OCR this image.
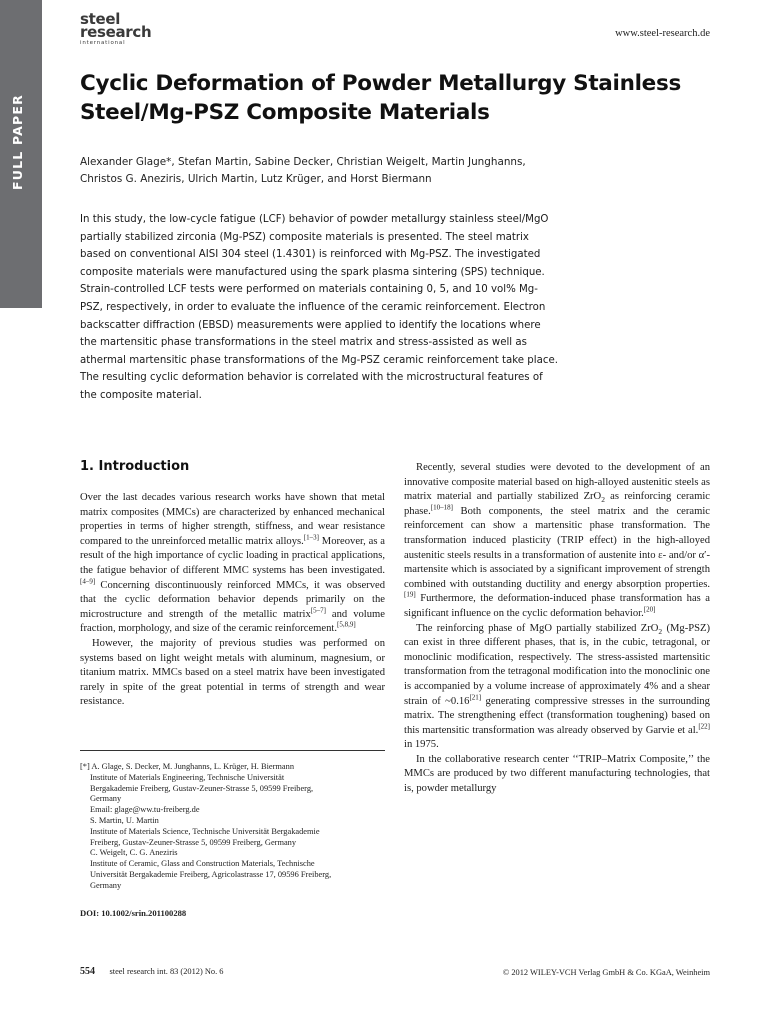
FULL PAPER
steel
research
international
www.steel-research.de
Cyclic Deformation of Powder Metallurgy Stainless Steel/Mg-PSZ Composite Materials
Alexander Glage*, Stefan Martin, Sabine Decker, Christian Weigelt, Martin Junghanns,
Christos G. Aneziris, Ulrich Martin, Lutz Krüger, and Horst Biermann

In this study, the low-cycle fatigue (LCF) behavior of powder metallurgy stainless steel/MgO partially stabilized zirconia (Mg-PSZ) composite materials is presented. The steel matrix based on conventional AISI 304 steel (1.4301) is reinforced with Mg-PSZ. The investigated composite materials were manufactured using the spark plasma sintering (SPS) technique. Strain-controlled LCF tests were performed on materials containing 0, 5, and 10 vol% Mg-PSZ, respectively, in order to evaluate the influence of the ceramic reinforcement. Electron backscatter diffraction (EBSD) measurements were applied to identify the locations where the martensitic phase transformations in the steel matrix and stress-assisted as well as athermal martensitic phase transformations of the Mg-PSZ ceramic reinforcement take place. The resulting cyclic deformation behavior is correlated with the microstructural features of the composite material.

1. Introduction

Over the last decades various research works have shown that metal matrix composites (MMCs) are characterized by enhanced mechanical properties in terms of higher strength, stiffness, and wear resistance compared to the unreinforced metallic matrix alloys.[1–3] Moreover, as a result of the high importance of cyclic loading in practical applications, the fatigue behavior of different MMC systems has been investigated.[4–9] Concerning discontinuously reinforced MMCs, it was observed that the cyclic deformation behavior depends primarily on the microstructure and strength of the metallic matrix[5–7] and volume fraction, morphology, and size of the ceramic reinforcement.[5,8,9]

However, the majority of previous studies was performed on systems based on light weight metals with aluminum, magnesium, or titanium matrix. MMCs based on a steel matrix have been investigated rarely in spite of the great potential in terms of strength and wear resistance.

Recently, several studies were devoted to the development of an innovative composite material based on high-alloyed austenitic steels as matrix material and partially stabilized ZrO$_2$ as reinforcing ceramic phase.[10–18] Both components, the steel matrix and the ceramic reinforcement can show a martensitic phase transformation. The transformation induced plasticity (TRIP effect) in the high-alloyed austenitic steels results in a transformation of austenite into ε- and/or α′-martensite which is associated by a significant improvement of strength combined with outstanding ductility and energy absorption properties.[19] Furthermore, the deformation-induced phase transformation has a significant influence on the cyclic deformation behavior.[20]

The reinforcing phase of MgO partially stabilized ZrO$_2$ (Mg-PSZ) can exist in three different phases, that is, in the cubic, tetragonal, or monoclinic modification, respectively. The stress-assisted martensitic transformation from the tetragonal modification into the monoclinic one is accompanied by a volume increase of approximately 4% and a shear strain of ~0.16[21] generating compressive stresses in the surrounding matrix. The strengthening effect (transformation toughening) based on this martensitic transformation was already observed by Garvie et al.[22] in 1975.

In the collaborative research center ‘‘TRIP–Matrix Composite,’’ the MMCs are produced by two different manufacturing technologies, that is, powder metallurgy

[*] A. Glage, S. Decker, M. Junghanns, L. Krüger, H. Biermann
Institute of Materials Engineering, Technische Universität
Bergakademie Freiberg, Gustav-Zeuner-Strasse 5, 09599 Freiberg,
Germany
Email: glage@ww.tu-freiberg.de
S. Martin, U. Martin
Institute of Materials Science, Technische Universität Bergakademie
Freiberg, Gustav-Zeuner-Strasse 5, 09599 Freiberg, Germany
C. Weigelt, C. G. Aneziris
Institute of Ceramic, Glass and Construction Materials, Technische
Universität Bergakademie Freiberg, Agricolastrasse 17, 09596 Freiberg,
Germany
DOI: 10.1002/srin.201100288
554 steel research int. 83 (2012) No. 6	© 2012 WILEY-VCH Verlag GmbH & Co. KGaA, Weinheim
